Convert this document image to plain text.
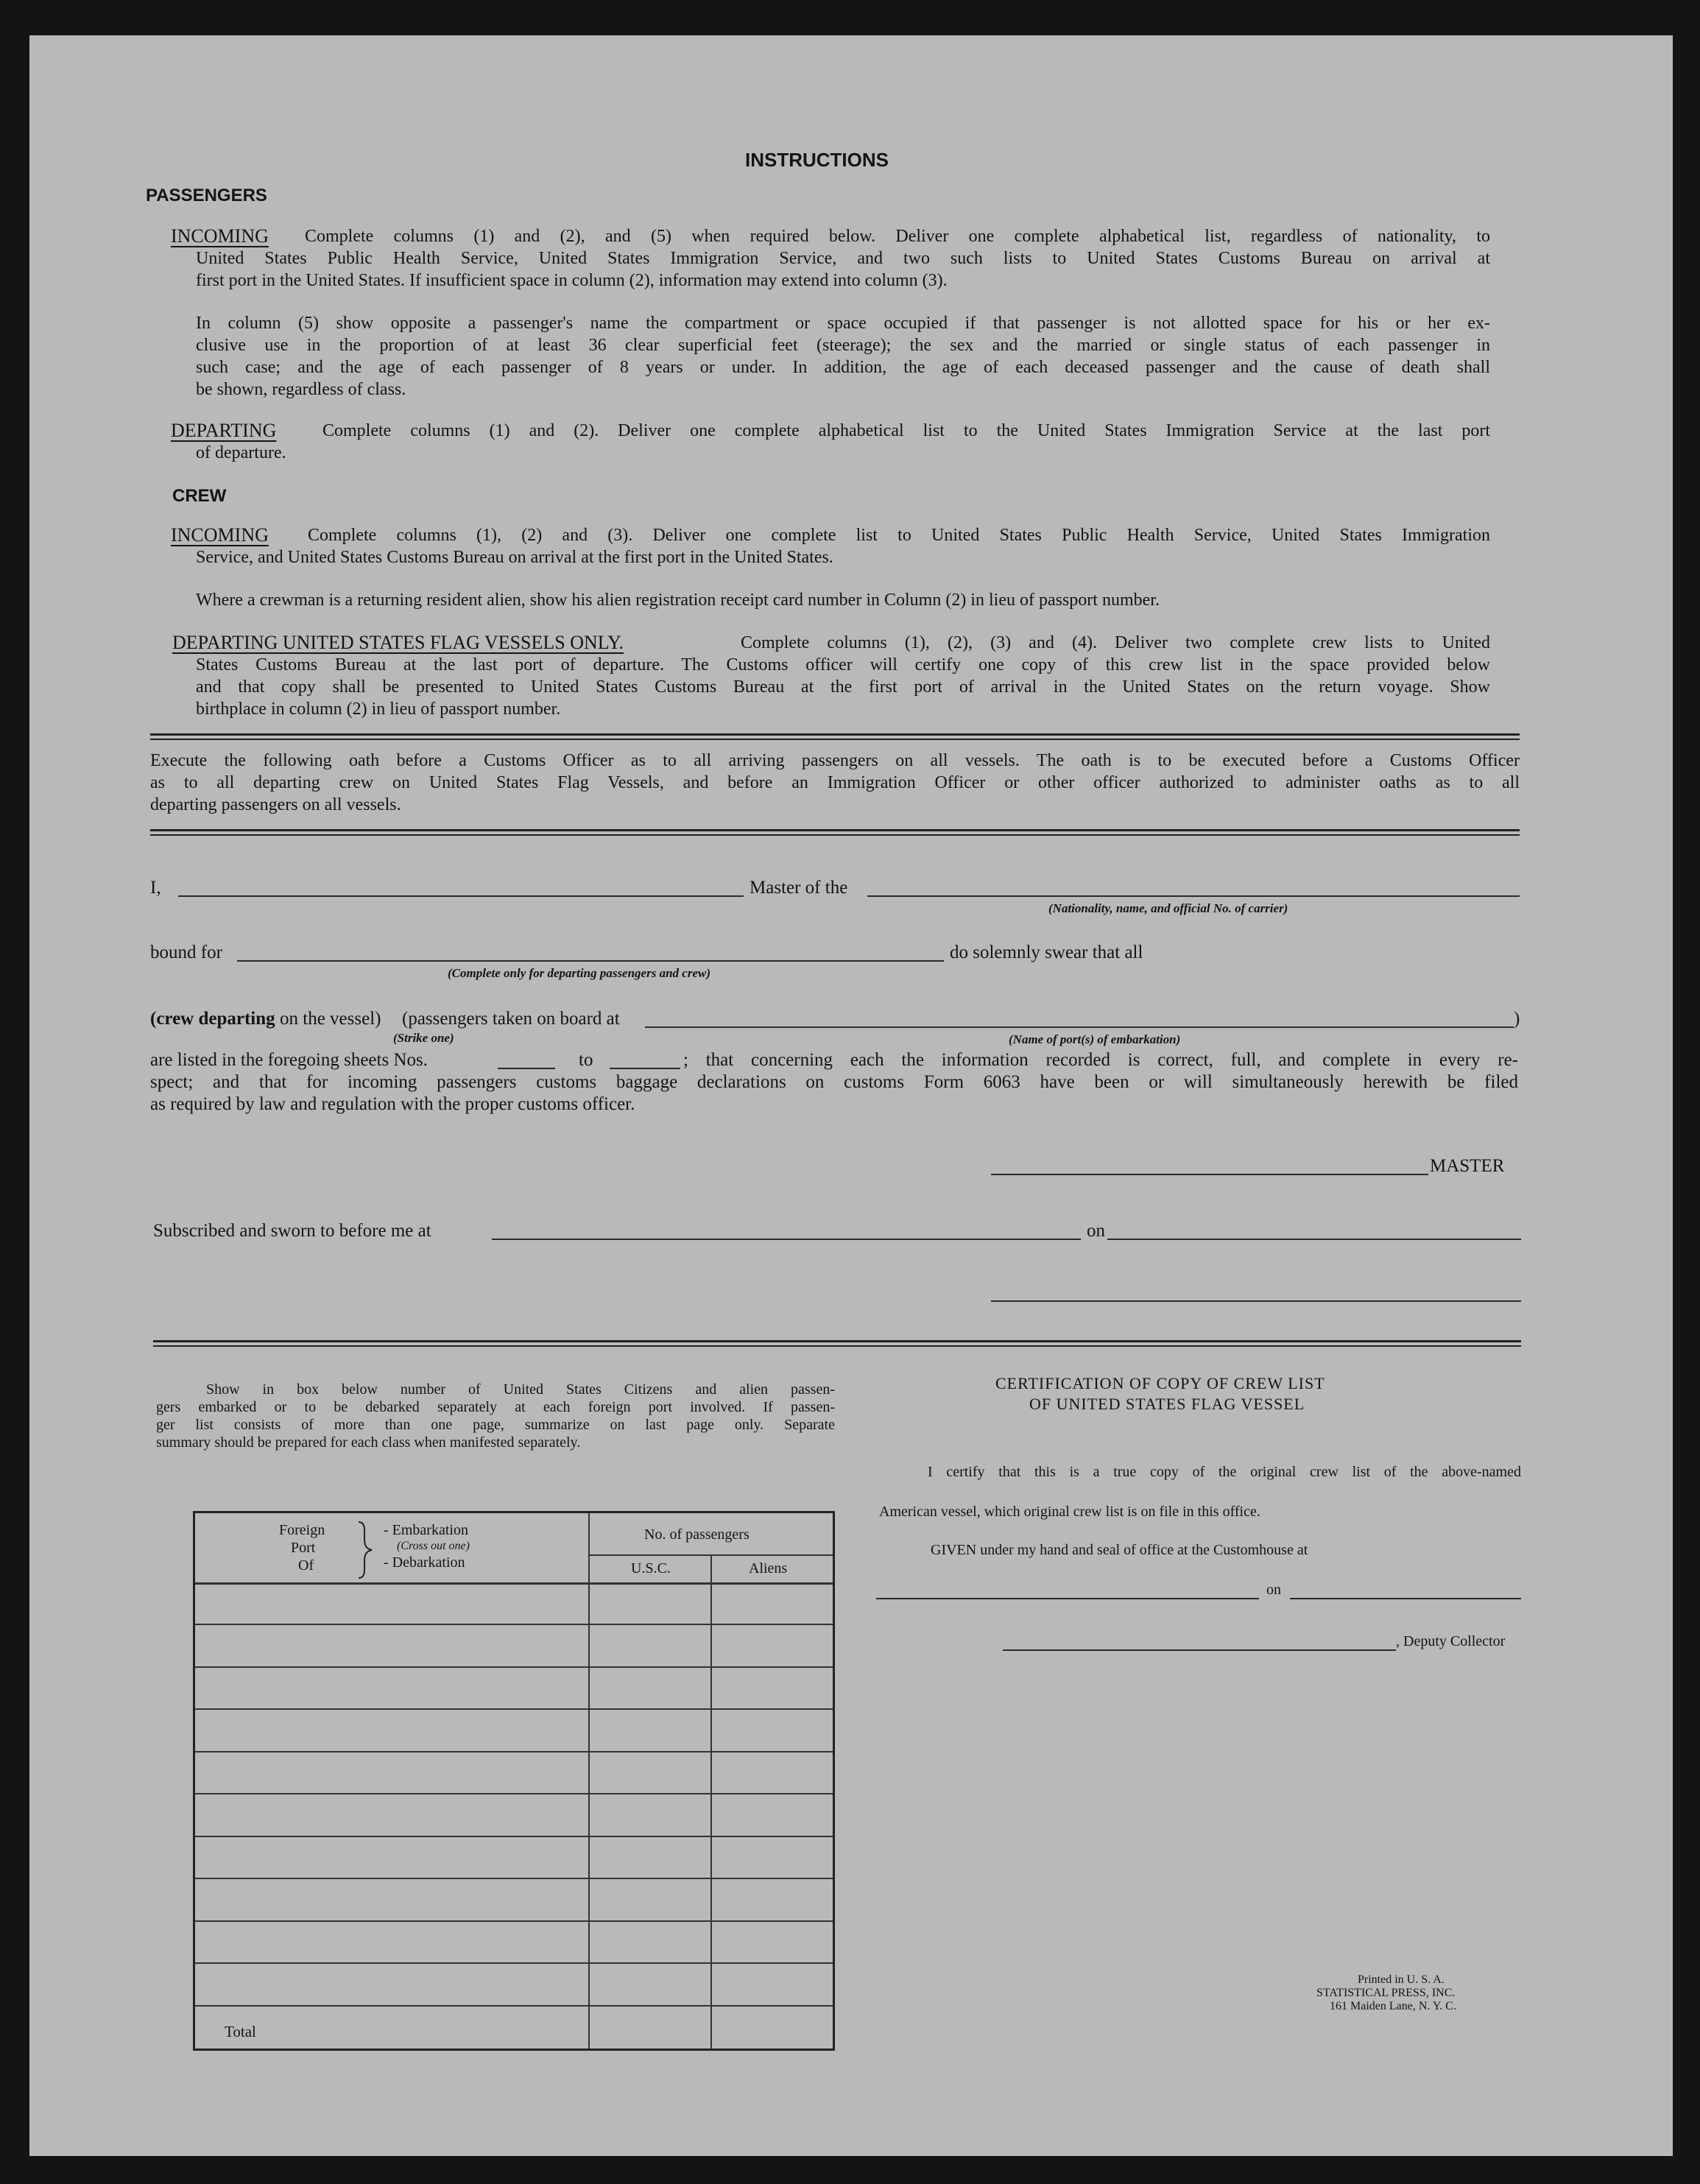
INSTRUCTIONS
PASSENGERS
INCOMING Complete columns (1) and (2), and (5) when required below. Deliver one complete alphabetical list, regardless of nationality, to
United States Public Health Service, United States Immigration Service, and two such lists to United States Customs Bureau on arrival at
first port in the United States. If insufficient space in column (2), information may extend into column (3).
In column (5) show opposite a passenger's name the compartment or space occupied if that passenger is not allotted space for his or her ex-
clusive use in the proportion of at least 36 clear superficial feet (steerage); the sex and the married or single status of each passenger in
such case; and the age of each passenger of 8 years or under. In addition, the age of each deceased passenger and the cause of death shall
be shown, regardless of class.
DEPARTING	Complete columns (1) and (2). Deliver one complete alphabetical list to the United States Immigration Service at the last port
of departure.
CREW
INCOMING Complete columns (1), (2) and (3). Deliver one complete list to United States Public Health Service, United States Immigration
Service, and United States Customs Bureau on arrival at the first port in the United States.
Where a crewman is a returning resident alien, show his alien registration receipt card number in Column (2) in lieu of passport number.
DEPARTING UNITED STATES FLAG VESSELS ONLY.	Complete columns (1), (2), (3) and (4). Deliver two complete crew lists to United
States Customs Bureau at the last port of departure. The Customs officer will certify one copy of this crew list in the space provided below
and that copy shall be presented to United States Customs Bureau at the first port of arrival in the United States on the return voyage. Show
birthplace in column (2) in lieu of passport number.
Execute the following oath before a Customs Officer as to all arriving passengers on all vessels. The oath is to be executed before a Customs Officer
as to all departing crew on United States Flag Vessels, and before an Immigration Officer or other officer authorized to administer oaths as to all
departing passengers on all vessels.
I,	Master of the
(Nationality, name, and official No. of carrier)
bound for
(Complete only for departing passengers and crew)
do solemnly swear that all
(crew departing on the vessel) (passengers taken on board at	)
(Strike one)	(Name of port(s) of embarkation)
are listed in the foregoing sheets Nos.	to	; that concerning each the information recorded is correct, full, and complete in every re-
spect; and that for incoming passengers customs baggage declarations on customs Form 6063 have been or will simultaneously herewith be filed
as required by law and regulation with the proper customs officer.
MASTER
Subscribed and sworn to before me at	on
Show in box below number of United States Citizens and alien passen-
gers embarked or to be debarked separately at each foreign port involved. If passen-
ger list consists of more than one page, summarize on last page only. Separate
summary should be prepared for each class when manifested separately.
Foreign
Port
Of
- Embarkation
(Cross out one)
- Debarkation
No. of passengers
U.S.C.	Aliens
Total
CERTIFICATION OF COPY OF CREW LIST
OF UNITED STATES FLAG VESSEL
I certify that this is a true copy of the original crew list of the above-named
American vessel, which original crew list is on file in this office.
GIVEN under my hand and seal of office at the Customhouse at
on
, Deputy Collector
Printed in U. S. A.
STATISTICAL PRESS, INC.
161 Maiden Lane, N. Y. C.
